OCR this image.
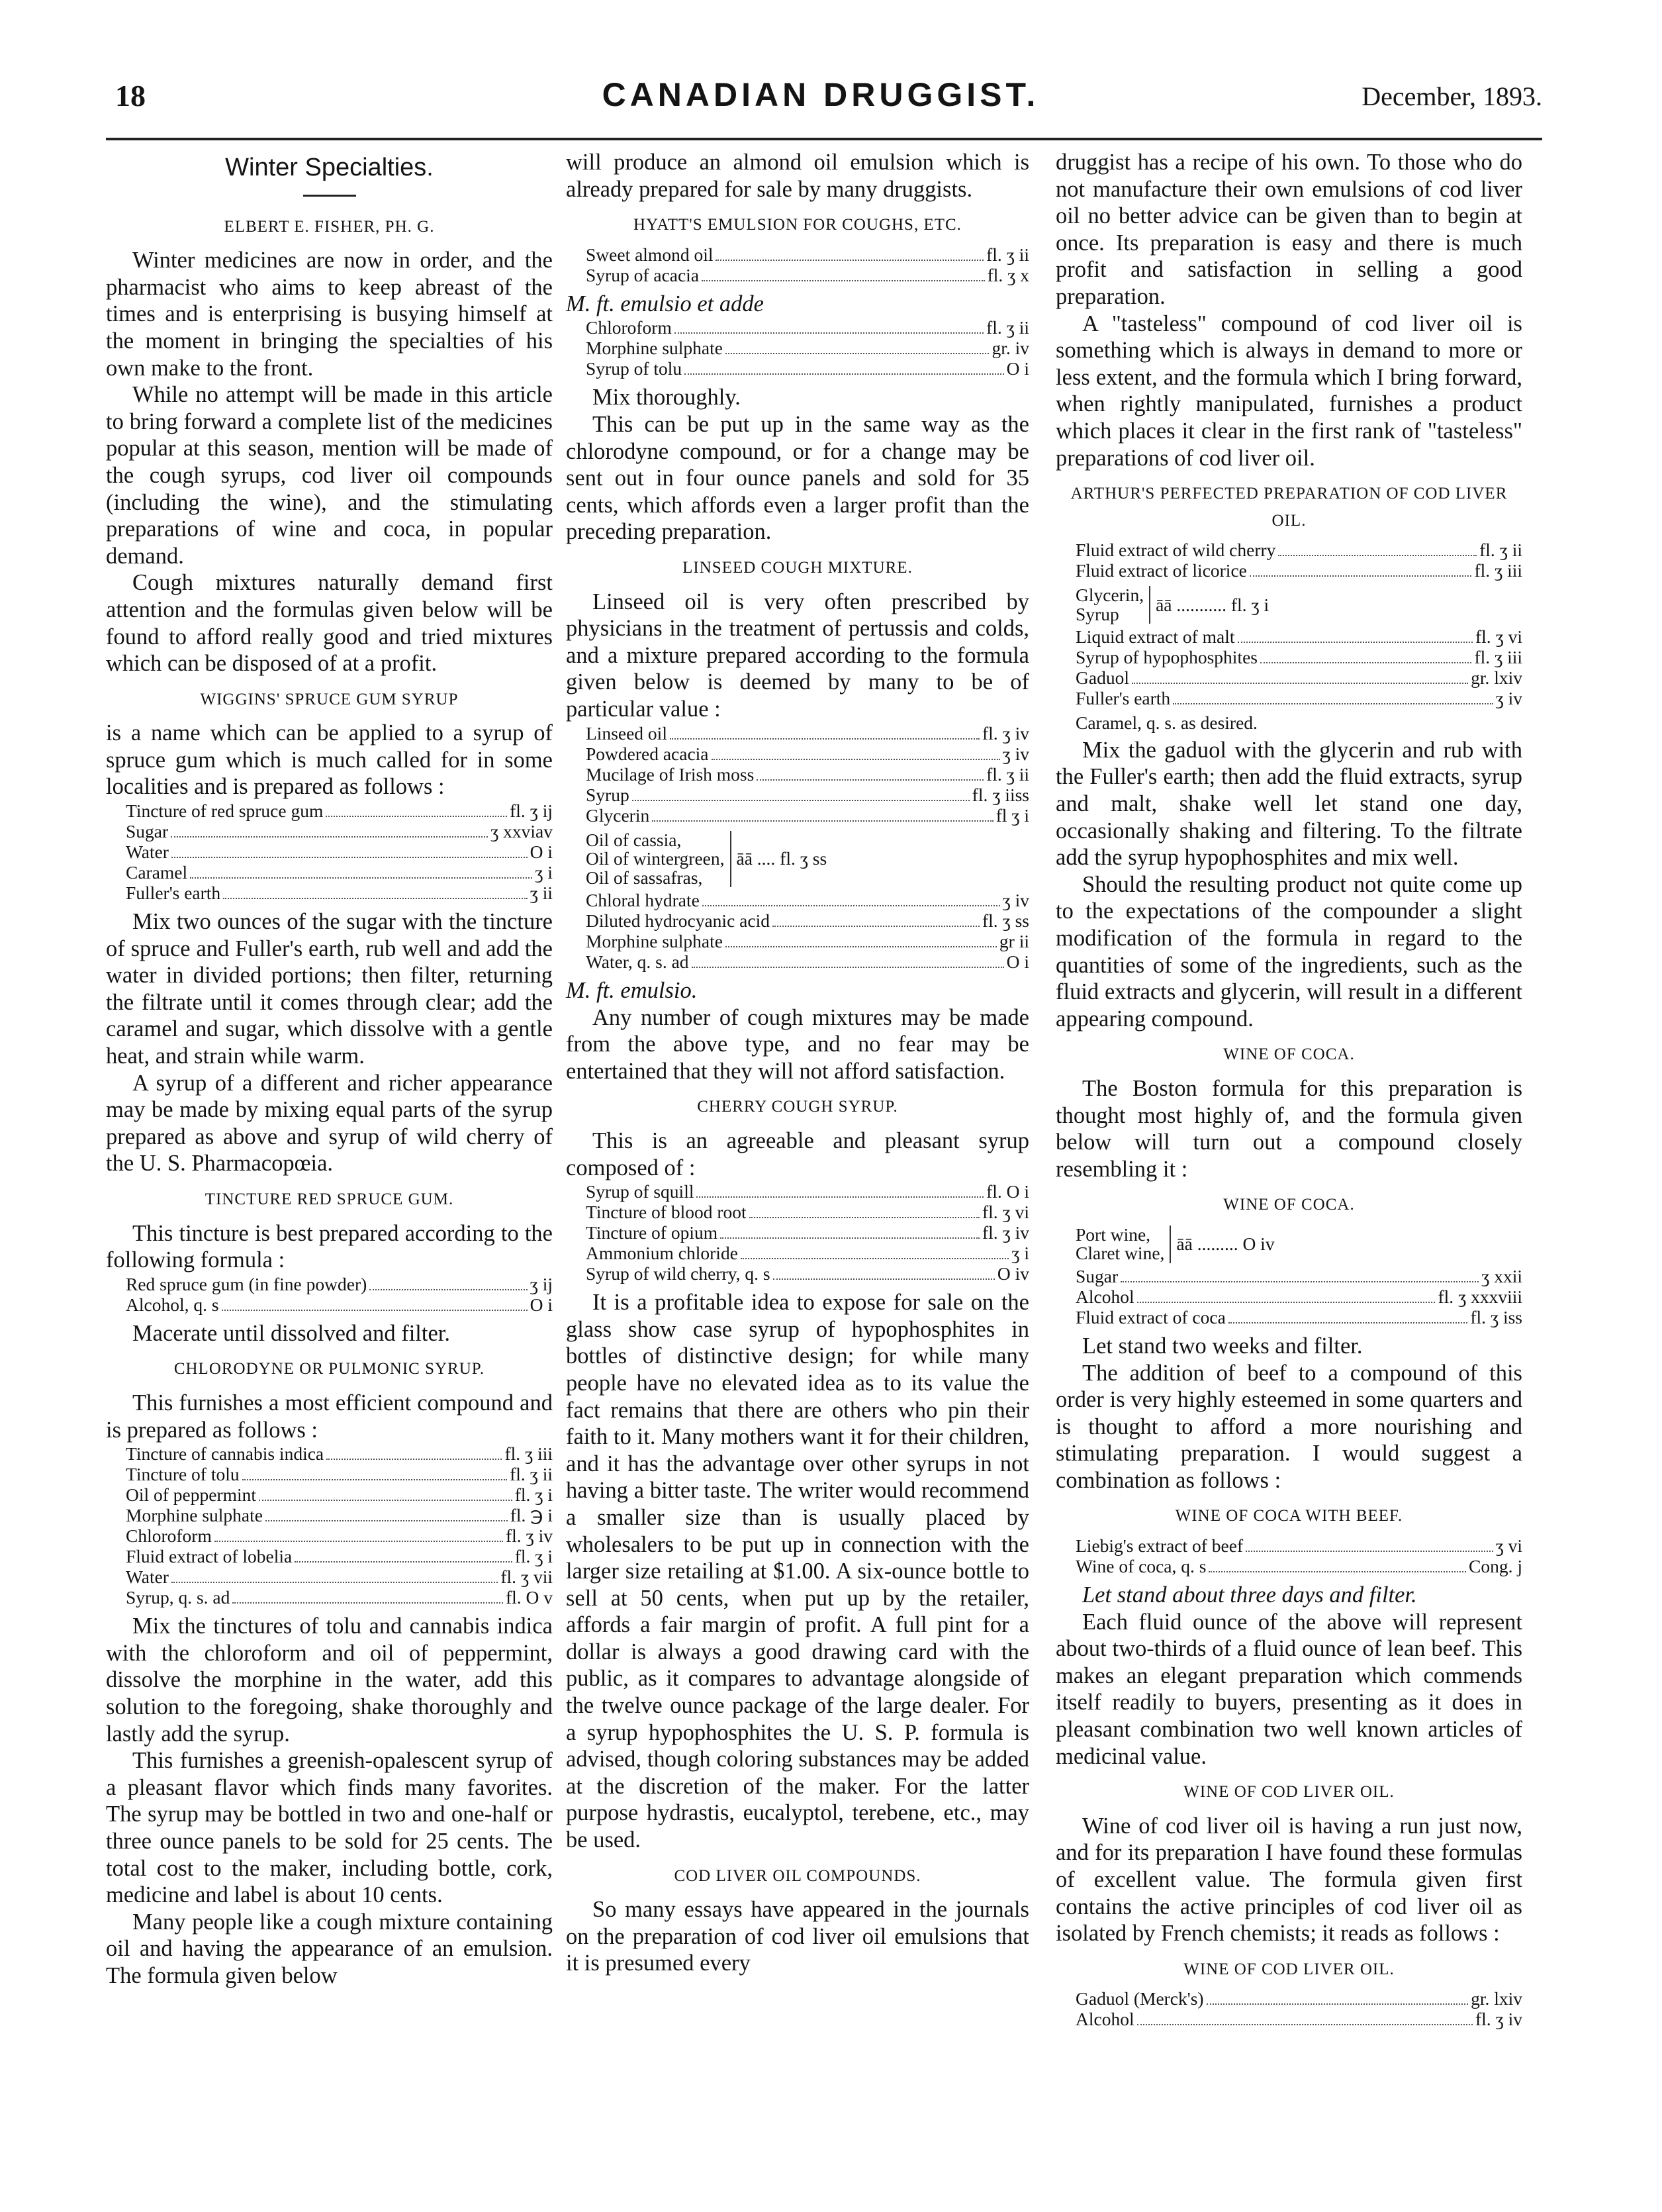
18	CANADIAN DRUGGIST.	December, 1893.
Winter Specialties.
ELBERT E. FISHER, PH. G.

Winter medicines are now in order, and the pharmacist who aims to keep abreast of the times and is enterprising is busying himself at the moment in bringing the specialties of his own make to the front.

While no attempt will be made in this article to bring forward a complete list of the medicines popular at this season, mention will be made of the cough syrups, cod liver oil compounds (including the wine), and the stimulating preparations of wine and coca, in popular demand.

Cough mixtures naturally demand first attention and the formulas given below will be found to afford really good and tried mixtures which can be disposed of at a profit.

WIGGINS' SPRUCE GUM SYRUP

is a name which can be applied to a syrup of spruce gum which is much called for in some localities and is prepared as follows :

Tincture of red spruce gum	fl. ʒ ij
Sugar	ʒ xxviav
Water	O i
Caramel	ʒ i
Fuller's earth	ʒ ii

Mix two ounces of the sugar with the tincture of spruce and Fuller's earth, rub well and add the water in divided portions; then filter, returning the filtrate until it comes through clear; add the caramel and sugar, which dissolve with a gentle heat, and strain while warm.

A syrup of a different and richer appearance may be made by mixing equal parts of the syrup prepared as above and syrup of wild cherry of the U. S. Pharmacopœia.

TINCTURE RED SPRUCE GUM.

This tincture is best prepared according to the following formula :

Red spruce gum (in fine powder)	ʒ ij
Alcohol, q. s	O i

Macerate until dissolved and filter.

CHLORODYNE OR PULMONIC SYRUP.

This furnishes a most efficient compound and is prepared as follows :

Tincture of cannabis indica	fl. ʒ iii
Tincture of tolu	fl. ʒ ii
Oil of peppermint	fl. ʒ i
Morphine sulphate	fl. ℈ i
Chloroform	fl. ʒ iv
Fluid extract of lobelia	fl. ʒ i
Water	fl. ʒ vii
Syrup, q. s. ad	fl. O v

Mix the tinctures of tolu and cannabis indica with the chloroform and oil of peppermint, dissolve the morphine in the water, add this solution to the foregoing, shake thoroughly and lastly add the syrup.

This furnishes a greenish-opalescent syrup of a pleasant flavor which finds many favorites. The syrup may be bottled in two and one-half or three ounce panels to be sold for 25 cents. The total cost to the maker, including bottle, cork, medicine and label is about 10 cents.

Many people like a cough mixture containing oil and having the appearance of an emulsion. The formula given below

will produce an almond oil emulsion which is already prepared for sale by many druggists.

HYATT'S EMULSION FOR COUGHS, ETC.
Sweet almond oil	fl. ʒ ii
Syrup of acacia	fl. ʒ x

M. ft. emulsio et adde

Chloroform	fl. ʒ ii
Morphine sulphate	gr. iv
Syrup of tolu	O i

Mix thoroughly.

This can be put up in the same way as the chlorodyne compound, or for a change may be sent out in four ounce panels and sold for 35 cents, which affords even a larger profit than the preceding preparation.

LINSEED COUGH MIXTURE.

Linseed oil is very often prescribed by physicians in the treatment of pertussis and colds, and a mixture prepared according to the formula given below is deemed by many to be of particular value :

Linseed oil	fl. ʒ iv
Powdered acacia	ʒ iv
Mucilage of Irish moss	fl. ʒ ii
Syrup	fl. ʒ iiss
Glycerin	fl ʒ i
Oil of cassia,
Oil of wintergreen,
Oil of sassafras,
āā .... fl. ʒ ss
Chloral hydrate	ʒ iv
Diluted hydrocyanic acid	fl. ʒ ss
Morphine sulphate	gr ii
Water, q. s. ad	O i

M. ft. emulsio.

Any number of cough mixtures may be made from the above type, and no fear may be entertained that they will not afford satisfaction.

CHERRY COUGH SYRUP.

This is an agreeable and pleasant syrup composed of :

Syrup of squill	fl. O i
Tincture of blood root	fl. ʒ vi
Tincture of opium	fl. ʒ iv
Ammonium chloride	ʒ i
Syrup of wild cherry, q. s	O iv

It is a profitable idea to expose for sale on the glass show case syrup of hypophosphites in bottles of distinctive design; for while many people have no elevated idea as to its value the fact remains that there are others who pin their faith to it. Many mothers want it for their children, and it has the advantage over other syrups in not having a bitter taste. The writer would recommend a smaller size than is usually placed by wholesalers to be put up in connection with the larger size retailing at $1.00. A six-ounce bottle to sell at 50 cents, when put up by the retailer, affords a fair margin of profit. A full pint for a dollar is always a good drawing card with the public, as it compares to advantage alongside of the twelve ounce package of the large dealer. For a syrup hypophosphites the U. S. P. formula is advised, though coloring substances may be added at the discretion of the maker. For the latter purpose hydrastis, eucalyptol, terebene, etc., may be used.

COD LIVER OIL COMPOUNDS.

So many essays have appeared in the journals on the preparation of cod liver oil emulsions that it is presumed every

druggist has a recipe of his own. To those who do not manufacture their own emulsions of cod liver oil no better advice can be given than to begin at once. Its preparation is easy and there is much profit and satisfaction in selling a good preparation.

A "tasteless" compound of cod liver oil is something which is always in demand to more or less extent, and the formula which I bring forward, when rightly manipulated, furnishes a product which places it clear in the first rank of "tasteless" preparations of cod liver oil.

ARTHUR'S PERFECTED PREPARATION OF COD LIVER OIL.
Fluid extract of wild cherry	fl. ʒ ii
Fluid extract of licorice	fl. ʒ iii
Glycerin,
Syrup	āā ........... fl. ʒ i
Liquid extract of malt	fl. ʒ vi
Syrup of hypophosphites	fl. ʒ iii
Gaduol	gr. lxiv
Fuller's earth	ʒ iv
Caramel, q. s. as desired.

Mix the gaduol with the glycerin and rub with the Fuller's earth; then add the fluid extracts, syrup and malt, shake well let stand one day, occasionally shaking and filtering. To the filtrate add the syrup hypophosphites and mix well.

Should the resulting product not quite come up to the expectations of the compounder a slight modification of the formula in regard to the quantities of some of the ingredients, such as the fluid extracts and glycerin, will result in a different appearing compound.

WINE OF COCA.

The Boston formula for this preparation is thought most highly of, and the formula given below will turn out a compound closely resembling it :

WINE OF COCA.
Port wine,
Claret wine, āā ......... O iv
Sugar	ʒ xxii
Alcohol	fl. ʒ xxxviii
Fluid extract of coca	fl. ʒ iss

Let stand two weeks and filter.

The addition of beef to a compound of this order is very highly esteemed in some quarters and is thought to afford a more nourishing and stimulating preparation. I would suggest a combination as follows :

WINE OF COCA WITH BEEF.
Liebig's extract of beef	ʒ vi
Wine of coca, q. s	Cong. j

Let stand about three days and filter.

Each fluid ounce of the above will represent about two-thirds of a fluid ounce of lean beef. This makes an elegant preparation which commends itself readily to buyers, presenting as it does in pleasant combination two well known articles of medicinal value.

WINE OF COD LIVER OIL.

Wine of cod liver oil is having a run just now, and for its preparation I have found these formulas of excellent value. The formula given first contains the active principles of cod liver oil as isolated by French chemists; it reads as follows :

WINE OF COD LIVER OIL.
Gaduol (Merck's)	gr. lxiv
Alcohol	fl. ʒ iv
